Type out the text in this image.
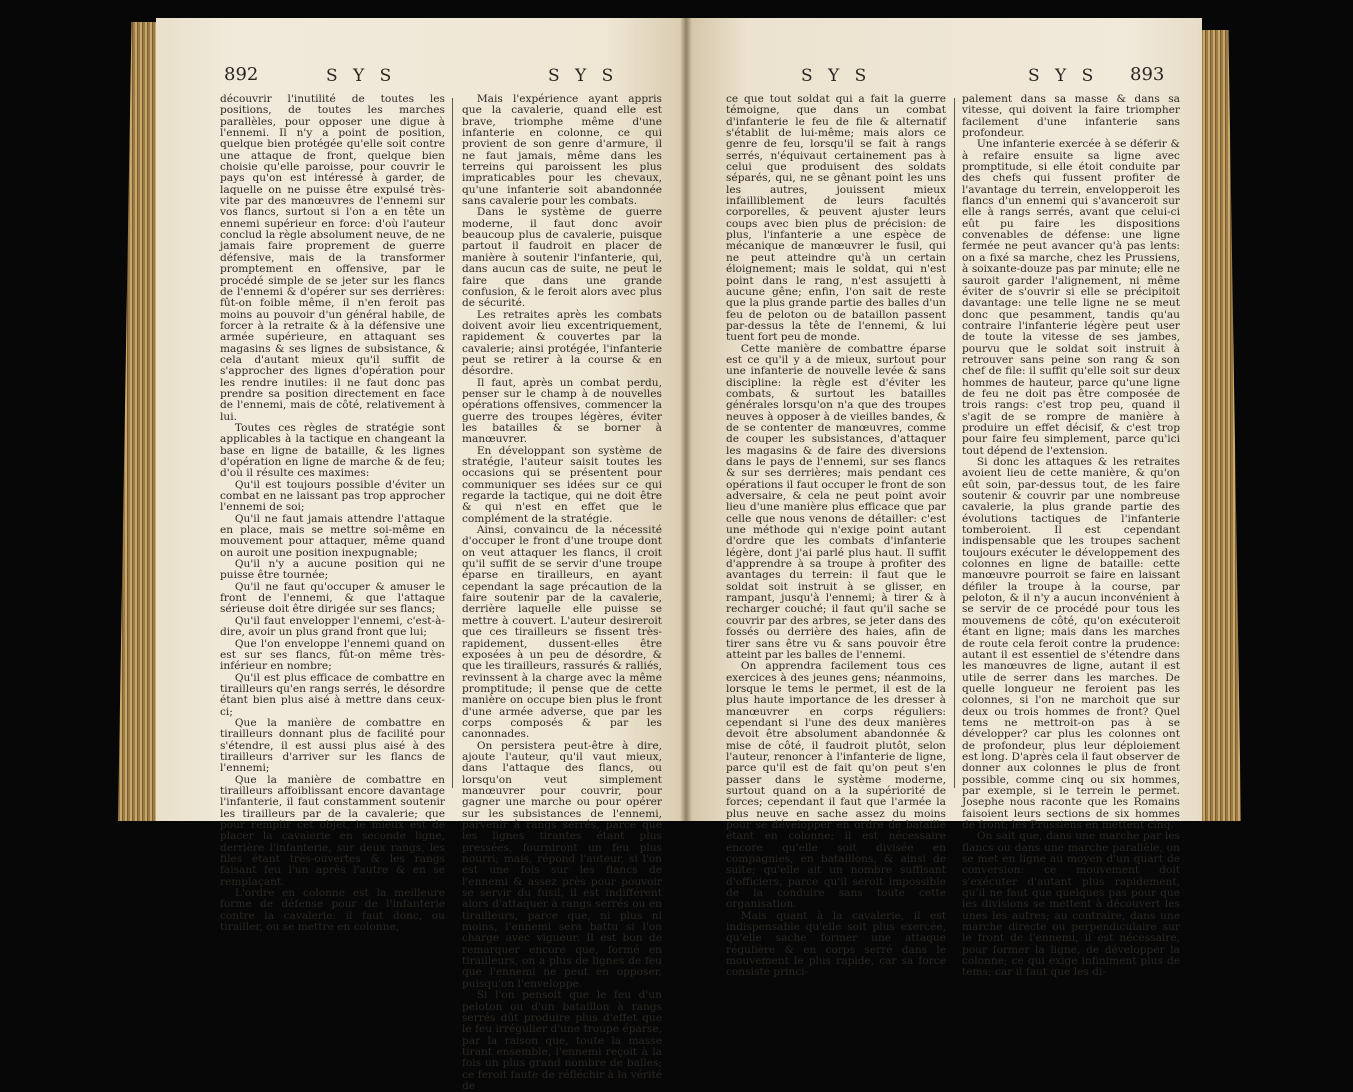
892	S Y S	S Y S

découvrir l'inutilité de toutes les positions, de toutes les marches parallèles, pour opposer une digue à l'ennemi. Il n'y a point de position, quelque bien protégée qu'elle soit contre une attaque de front, quelque bien choisie qu'elle paroisse, pour couvrir le pays qu'on est intéressé à garder, de laquelle on ne puisse être expulsé très-vite par des manœuvres de l'ennemi sur vos flancs, surtout si l'on a en tête un ennemi supérieur en force: d'où l'auteur conclud la règle absolument neuve, de ne jamais faire proprement de guerre défensive, mais de la transformer promptement en offensive, par le procédé simple de se jeter sur les flancs de l'ennemi & d'opérer sur ses derrières: fût-on foible même, il n'en feroit pas moins au pouvoir d'un général habile, de forcer à la retraite & à la défensive une armée supérieure, en attaquant ses magasins & ses lignes de subsistance, & cela d'autant mieux qu'il suffit de s'approcher des lignes d'opération pour les rendre inutiles: il ne faut donc pas prendre sa position directement en face de l'ennemi, mais de côté, relativement à lui.

Toutes ces règles de stratégie sont applicables à la tactique en changeant la base en ligne de bataille, & les lignes d'opération en ligne de marche & de feu; d'où il résulte ces maximes:

Qu'il est toujours possible d'éviter un combat en ne laissant pas trop approcher l'ennemi de soi;

Qu'il ne faut jamais attendre l'attaque en place, mais se mettre soi-même en mouvement pour attaquer, même quand on auroit une position inexpugnable;

Qu'il n'y a aucune position qui ne puisse être tournée;

Qu'il ne faut qu'occuper & amuser le front de l'ennemi, & que l'attaque sérieuse doit être dirigée sur ses flancs;

Qu'il faut envelopper l'ennemi, c'est-à-dire, avoir un plus grand front que lui;

Que l'on enveloppe l'ennemi quand on est sur ses flancs, fût-on même très-inférieur en nombre;

Qu'il est plus efficace de combattre en tirailleurs qu'en rangs serrés, le désordre étant bien plus aisé à mettre dans ceux-ci;

Que la manière de combattre en tirailleurs donnant plus de facilité pour s'étendre, il est aussi plus aisé à des tirailleurs d'arriver sur les flancs de l'ennemi;

Que la manière de combattre en tirailleurs affoiblissant encore davantage l'infanterie, il faut constamment soutenir les tirailleurs par de la cavalerie; que pour remplir cet objet, le mieux est de placer la cavalerie en seconde ligne, derrière l'infanterie, sur deux rangs, les files étant très-ouvertes & les rangs faisant feu l'un après l'autre & en se remplaçant.

L'ordre en colonne est la meilleure forme de défense pour de l'infanterie contre la cavalerie: il faut donc, ou tirailler, ou se mettre en colonne,

Mais l'expérience ayant appris que la cavalerie, quand elle est brave, triomphe même d'une infanterie en colonne, ce qui provient de son genre d'armure, il ne faut jamais, même dans les terreins qui paroissent les plus impraticables pour les chevaux, qu'une infanterie soit abandonnée sans cavalerie pour les combats.

Dans le système de guerre moderne, il faut donc avoir beaucoup plus de cavalerie, puisque partout il faudroit en placer de manière à soutenir l'infanterie, qui, dans aucun cas de suite, ne peut le faire que dans une grande confusion, & le feroit alors avec plus de sécurité.

Les retraites après les combats doivent avoir lieu excentriquement, rapidement & couvertes par la cavalerie; ainsi protégée, l'infanterie peut se retirer à la course & en désordre.

Il faut, après un combat perdu, penser sur le champ à de nouvelles opérations offensives, commencer la guerre des troupes légères, éviter les batailles & se borner à manœuvrer.

En développant son système de stratégie, l'auteur saisit toutes les occasions qui se présentent pour communiquer ses idées sur ce qui regarde la tactique, qui ne doit être & qui n'est en effet que le complément de la stratégie.

Ainsi, convaincu de la nécessité d'occuper le front d'une troupe dont on veut attaquer les flancs, il croit qu'il suffit de se servir d'une troupe éparse en tirailleurs, en ayant cependant la sage précaution de la faire soutenir par de la cavalerie, derrière laquelle elle puisse se mettre à couvert. L'auteur desireroit que ces tirailleurs se fissent très-rapidement, dussent-elles être exposées à un peu de désordre, & que les tirailleurs, rassurés & ralliés, revinssent à la charge avec la même promptitude; il pense que de cette manière on occupe bien plus le front d'une armée adverse, que par les corps composés & par les canonnades.

On persistera peut-être à dire, ajoute l'auteur, qu'il vaut mieux, dans l'attaque des flancs, ou lorsqu'on veut simplement manœuvrer pour couvrir, pour gagner une marche ou pour opérer sur les subsistances de l'ennemi, parvenir à rangs serrés, parce que les lignes tirantes étant plus pressées, fourniront un feu plus nourri; mais, répond l'auteur, si l'on est une fois sur les flancs de l'ennemi & assez près pour pouvoir se servir du fusil, il est indifférent alors d'attaquer à rangs serrés ou en tirailleurs, parce que, ni plus ni moins, l'ennemi sera battu si l'on charge avec vigueur. Il est bon de remarquer encore que, formé en tirailleurs, on a plus de lignes de feu que l'ennemi ne peut en opposer, puisqu'on l'enveloppe.

Si l'on pensoit que le feu d'un peloton ou d'un bataillon à rangs serrés dût produire plus d'effet que le feu irrégulier d'une troupe éparse, par la raison que, toute la masse tirant ensemble, l'ennemi reçoit à la fois un plus grand nombre de balles; ce feroit faute de réfléchir à la vérité de

S Y S	S Y S 893

ce que tout soldat qui a fait la guerre témoigne, que dans un combat d'infanterie le feu de file & alternatif s'établit de lui-même; mais alors ce genre de feu, lorsqu'il se fait à rangs serrés, n'équivaut certainement pas à celui que produisent des soldats séparés, qui, ne se gênant point les uns les autres, jouissent mieux infailliblement de leurs facultés corporelles, & peuvent ajuster leurs coups avec bien plus de précision: de plus, l'infanterie a une espèce de mécanique de manœuvrer le fusil, qui ne peut atteindre qu'à un certain éloignement; mais le soldat, qui n'est point dans le rang, n'est assujetti à aucune gêne; enfin, l'on sait de reste que la plus grande partie des balles d'un feu de peloton ou de bataillon passent par-dessus la tête de l'ennemi, & lui tuent fort peu de monde.

Cette manière de combattre éparse est ce qu'il y a de mieux, surtout pour une infanterie de nouvelle levée & sans discipline: la règle est d'éviter les combats, & surtout les batailles générales lorsqu'on n'a que des troupes neuves à opposer à de vieilles bandes, & de se contenter de manœuvres, comme de couper les subsistances, d'attaquer les magasins & de faire des diversions dans le pays de l'ennemi, sur ses flancs & sur ses derrières; mais pendant ces opérations il faut occuper le front de son adversaire, & cela ne peut point avoir lieu d'une manière plus efficace que par celle que nous venons de détailler: c'est une méthode qui n'exige point autant d'ordre que les combats d'infanterie légère, dont j'ai parlé plus haut. Il suffit d'apprendre à sa troupe à profiter des avantages du terrein: il faut que le soldat soit instruit à se glisser, en rampant, jusqu'à l'ennemi; à tirer & à recharger couché; il faut qu'il sache se couvrir par des arbres, se jeter dans des fossés ou derrière des haies, afin de tirer sans être vu & sans pouvoir être atteint par les balles de l'ennemi.

On apprendra facilement tous ces exercices à des jeunes gens; néanmoins, lorsque le tems le permet, il est de la plus haute importance de les dresser à manœuvrer en corps réguliers: cependant si l'une des deux manières devoit être absolument abandonnée & mise de côté, il faudroit plutôt, selon l'auteur, renoncer à l'infanterie de ligne, parce qu'il est de fait qu'on peut s'en passer dans le système moderne, surtout quand on a la supériorité de forces; cependant il faut que l'armée la plus neuve en sache assez du moins pour se développer en ordre de bataille étant en colonne; il est nécessaire encore qu'elle soit divisée en compagnies, en bataillons, & ainsi de suite; qu'elle ait un nombre suffisant d'officiers, parce qu'il seroit impossible de la conduire sans toute cette organisation.

Mais quant à la cavalerie, il est indispensable qu'elle soit plus exercée, qu'elle sache former une attaque régulière & en corps serré dans le mouvement le plus rapide, car sa force consiste princi-

palement dans sa masse & dans sa vitesse, qui doivent la faire triompher facilement d'une infanterie sans profondeur.

Une infanterie exercée à se déferir & à refaire ensuite sa ligne avec promptitude, si elle étoit conduite par des chefs qui fussent profiter de l'avantage du terrein, envelopperoit les flancs d'un ennemi qui s'avanceroit sur elle à rangs serrés, avant que celui-ci eût pu faire les dispositions convenables de défense: une ligne fermée ne peut avancer qu'à pas lents: on a fixé sa marche, chez les Prussiens, à soixante-douze pas par minute; elle ne sauroit garder l'alignement, ni même éviter de s'ouvrir si elle se précipitoit davantage: une telle ligne ne se meut donc que pesamment, tandis qu'au contraire l'infanterie légère peut user de toute la vitesse de ses jambes, pourvu que le soldat soit instruit à retrouver sans peine son rang & son chef de file: il suffit qu'elle soit sur deux hommes de hauteur, parce qu'une ligne de feu ne doit pas être composée de trois rangs: c'est trop peu, quand il s'agit de se rompre de manière à produire un effet décisif, & c'est trop pour faire feu simplement, parce qu'ici tout dépend de l'extension.

Si donc les attaques & les retraites avoient lieu de cette manière, & qu'on eût soin, par-dessus tout, de les faire soutenir & couvrir par une nombreuse cavalerie, la plus grande partie des évolutions tactiques de l'infanterie tomberoient. Il est cependant indispensable que les troupes sachent toujours exécuter le développement des colonnes en ligne de bataille: cette manœuvre pourroit se faire en laissant défiler la troupe à la course, par peloton, & il n'y a aucun inconvénient à se servir de ce procédé pour tous les mouvemens de côté, qu'on exécuteroit étant en ligne; mais dans les marches de route cela feroit contre la prudence: autant il est essentiel de s'étendre dans les manœuvres de ligne, autant il est utile de serrer dans les marches. De quelle longueur ne feroient pas les colonnes, si l'on ne marchoit que sur deux ou trois hommes de front? Quel tems ne mettroit-on pas à se développer? car plus les colonnes ont de profondeur, plus leur déploiement est long. D'après cela il faut observer de donner aux colonnes le plus de front possible, comme cinq ou six hommes, par exemple, si le terrein le permet. Josephe nous raconte que les Romains faisoient leurs sections de six hommes de front; les Prussiens en mettent cinq.

On sait que, dans une marche par les flancs ou dans une marche parallèle, on se met en ligne au moyen d'un quart de conversion: ce mouvement doit s'exécuter d'autant plus rapidement, qu'il ne faut que quelques pas pour que les divisions se mettent à découvert les unes les autres; au contraire, dans une marche directe ou perpendiculaire sur le front de l'ennemi, il est nécessaire, pour former la ligne, de développer la colonne; ce qui exige infiniment plus de tems; car il faut que les di-
